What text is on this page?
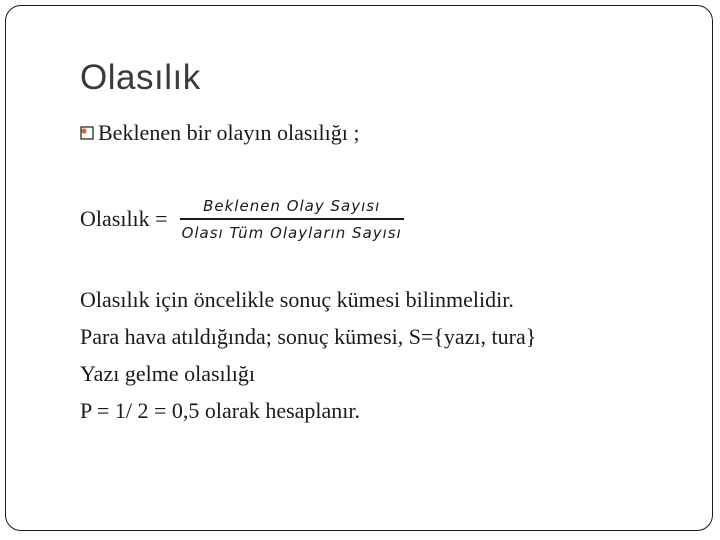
Olasılık
Beklenen bir olayın olasılığı ;
Olasılık = $\frac{\text{Beklenen Olay Sayısı}}{\text{Olası Tüm Olayların Sayısı}}$
Olasılık için öncelikle sonuç kümesi bilinmelidir.
Para hava atıldığında; sonuç kümesi, S={yazı, tura}
Yazı gelme olasılığı
P = 1/ 2 = 0,5 olarak hesaplanır.
